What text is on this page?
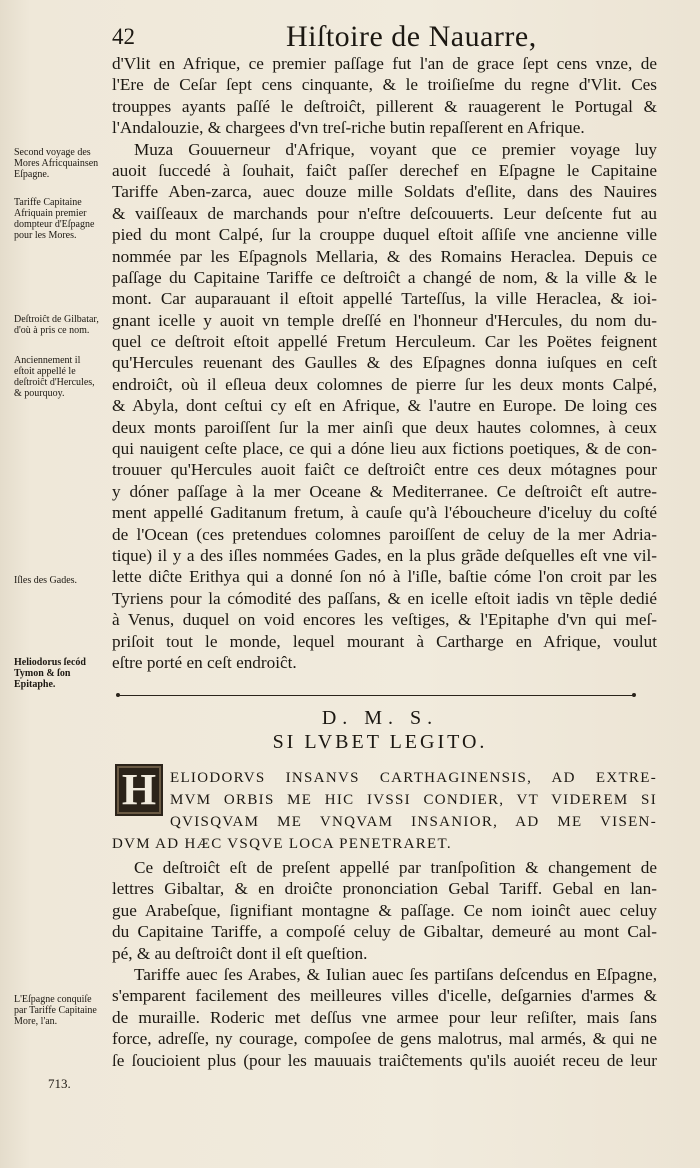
42	Hiſtoire de Nauarre,
Second voyage des Mores Africquainsen Eſpagne.
Tariffe Capitaine Afriquain premier dompteur d'Eſpagne pour les Mores.
Deſtroiĉt de Gilbatar, d'où à pris ce nom.
Anciennement il eſtoit appellé le deſtroiĉt d'Hercules, & pourquoy.
Iſles des Gades.
Heliodorus ſecód Tymon & ſon Epitaphe.
L'Eſpagne conquiſe par Tariffe Capitaine More, l'an.
713.
d'Vlit en Afrique, ce premier paſſage fut l'an de grace ſept cens vnze, de
l'Ere de Ceſar ſept cens cinquante, & le troiſieſme du regne d'Vlit. Ces
trouppes ayants paſſé le deſtroiĉt, pillerent & rauagerent le Portugal &
l'Andalouzie, & chargees d'vn treſ-riche butin repaſſerent en Afrique.
Muza Gouuerneur d'Afrique, voyant que ce premier voyage luy
auoit ſuccedé à ſouhait, faiĉt paſſer derechef en Eſpagne le Capitaine
Tariffe Aben-zarca, auec douze mille Soldats d'eſlite, dans des Nauires
& vaiſſeaux de marchands pour n'eſtre deſcouuerts. Leur deſcente fut au
pied du mont Calpé, ſur la crouppe duquel eſtoit aſſiſe vne ancienne ville
nommée par les Eſpagnols Mellaria, & des Romains Heraclea. Depuis ce
paſſage du Capitaine Tariffe ce deſtroiĉt a changé de nom, & la ville & le
mont. Car auparauant il eſtoit appellé Tarteſſus, la ville Heraclea, & ioi-
gnant icelle y auoit vn temple dreſſé en l'honneur d'Hercules, du nom du-
quel ce deſtroit eſtoit appellé Fretum Herculeum. Car les Poëtes feignent
qu'Hercules reuenant des Gaulles & des Eſpagnes donna iuſques en ceſt
endroiĉt, où il eſleua deux colomnes de pierre ſur les deux monts Calpé,
& Abyla, dont ceſtui cy eſt en Afrique, & l'autre en Europe. De loing ces
deux monts paroiſſent ſur la mer ainſi que deux hautes colomnes, à ceux
qui nauigent ceſte place, ce qui a dóne lieu aux fictions poetiques, & de con-
trouuer qu'Hercules auoit faiĉt ce deſtroiĉt entre ces deux mótagnes pour
y dóner paſſage à la mer Oceane & Mediterranee. Ce deſtroiĉt eſt autre-
ment appellé Gaditanum fretum, à cauſe qu'à l'ébouchеure d'iceluy du coſté
de l'Ocean (ces pretendues colomnes paroiſſent de celuy de la mer Adria-
tique) il y a des iſles nommées Gades, en la plus grãde deſquelles eſt vne vil-
lette diĉte Erithya qui a donné ſon nó à l'iſle, baſtie cóme l'on croit par les
Tyriens pour la cómodité des paſſans, & en icelle eſtoit iadis vn tẽple dedié
à Venus, duquel on void encores les veſtiges, & l'Epitaphe d'vn qui meſ-
priſoit tout le monde, lequel mourant à Cartharge en Afrique, voulut
eſtre porté en ceſt endroiĉt.
D. M. S.
SI LVBET LEGITO.
H ELIODORVS INSANVS CARTHAGINENSIS, AD EXTRE-
MVM ORBIS ME HIC IVSSI CONDIER, VT VIDEREM SI
QVISQVAM ME VNQVAM INSANIOR, AD ME VISEN-
DVM AD HÆC VSQVE LOCA PENETRARET.
Ce deſtroiĉt eſt de preſent appellé par tranſpoſition & changement de
lettres Gibaltar, & en droiĉte prononciation Gebal Tariff. Gebal en lan-
gue Arabeſque, ſignifiant montagne & paſſage. Ce nom ioinĉt auec celuy
du Capitaine Tariffe, a compoſé celuy de Gibaltar, demeuré au mont Cal-
pé, & au deſtroiĉt dont il eſt queſtion.
Tariffe auec ſes Arabes, & Iulian auec ſes partiſans deſcendus en Eſpagne,
s'emparent facilement des meilleures villes d'icelle, deſgarnies d'armes &
de muraille. Roderic met deſſus vne armee pour leur reſiſter, mais ſans
force, adreſſe, ny courage, compoſee de gens malotrus, mal armés, & qui ne
ſe ſoucioient plus (pour les mauuais traiĉtements qu'ils auoiét receu de leur
